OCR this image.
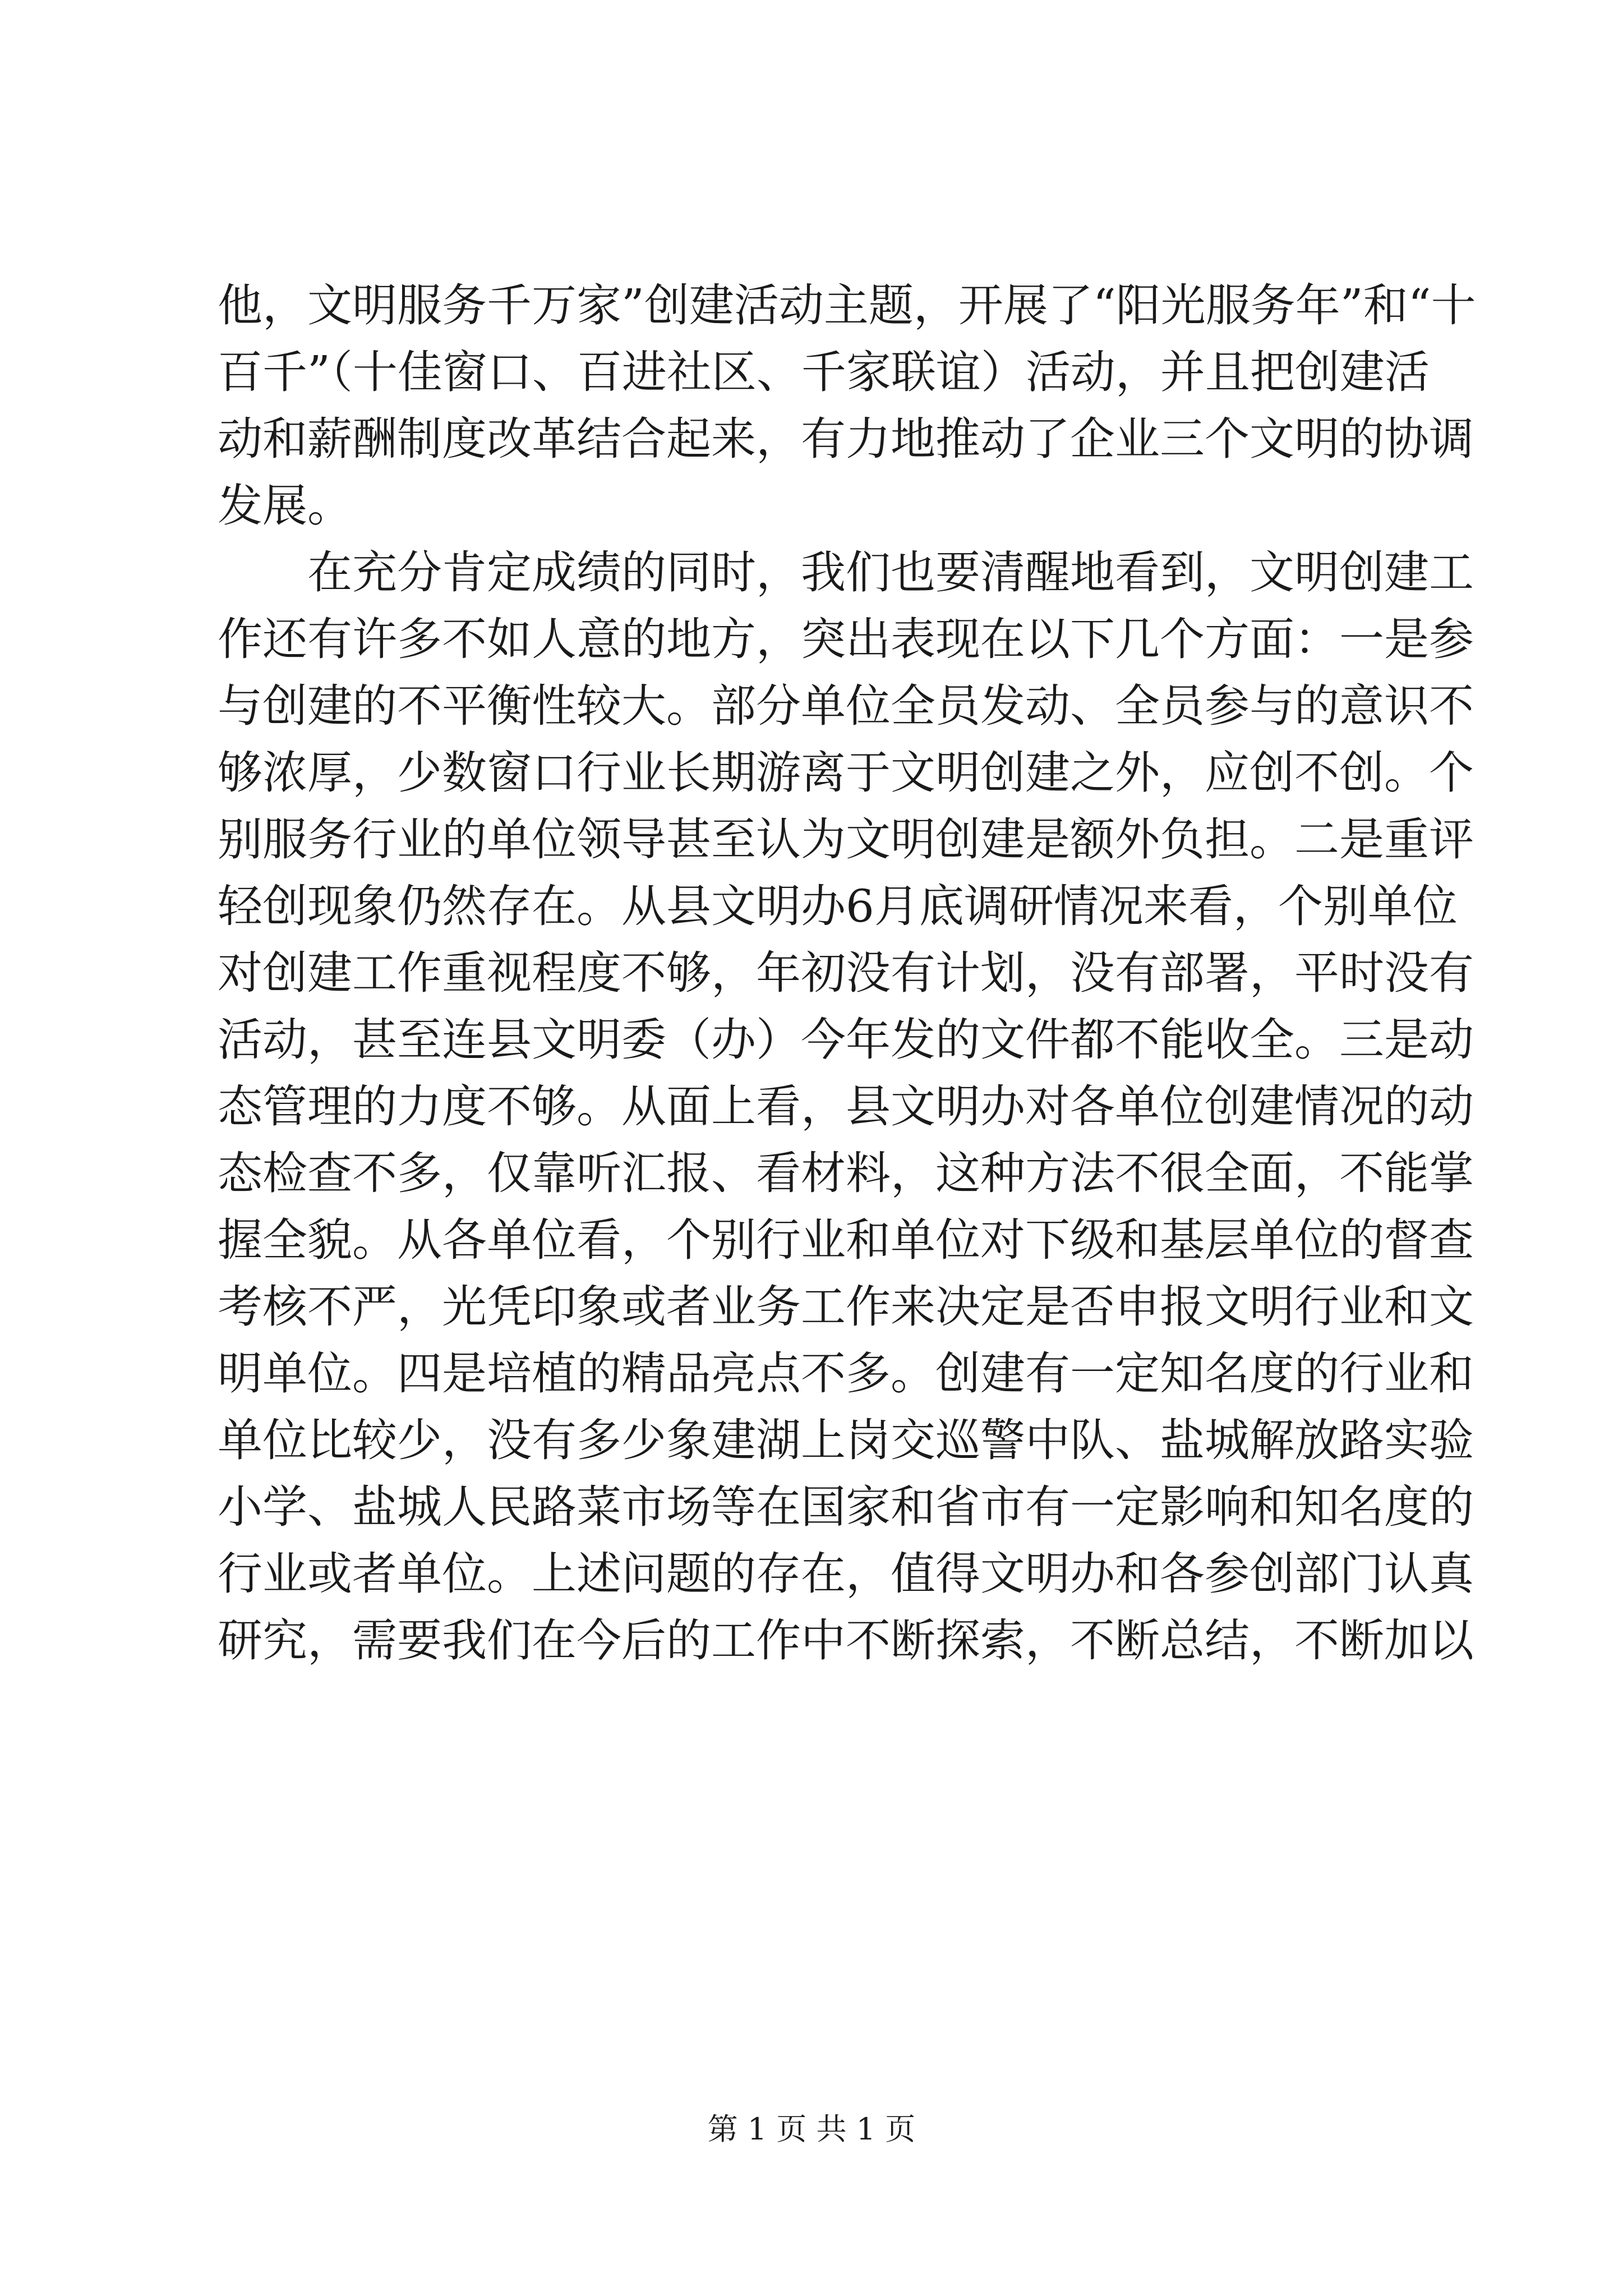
他，文明服务千万家”创建活动主题，开展了“阳光服务年”和“十

百千”（十佳窗口、百进社区、千家联谊）活动，并且把创建活

动和薪酬制度改革结合起来，有力地推动了企业三个文明的协调

发展。

在充分肯定成绩的同时，我们也要清醒地看到，文明创建工

作还有许多不如人意的地方，突出表现在以下几个方面：一是参

与创建的不平衡性较大。部分单位全员发动、全员参与的意识不

够浓厚，少数窗口行业长期游离于文明创建之外，应创不创。个

别服务行业的单位领导甚至认为文明创建是额外负担。二是重评

轻创现象仍然存在。从县文明办6月底调研情况来看，个别单位

对创建工作重视程度不够，年初没有计划，没有部署，平时没有

活动，甚至连县文明委（办）今年发的文件都不能收全。三是动

态管理的力度不够。从面上看，县文明办对各单位创建情况的动

态检查不多，仅靠听汇报、看材料，这种方法不很全面，不能掌

握全貌。从各单位看，个别行业和单位对下级和基层单位的督查

考核不严，光凭印象或者业务工作来决定是否申报文明行业和文

明单位。四是培植的精品亮点不多。创建有一定知名度的行业和

单位比较少，没有多少象建湖上岗交巡警中队、盐城解放路实验

小学、盐城人民路菜市场等在国家和省市有一定影响和知名度的

行业或者单位。上述问题的存在，值得文明办和各参创部门认真

研究，需要我们在今后的工作中不断探索，不断总结，不断加以

第 1 页 共 1 页
